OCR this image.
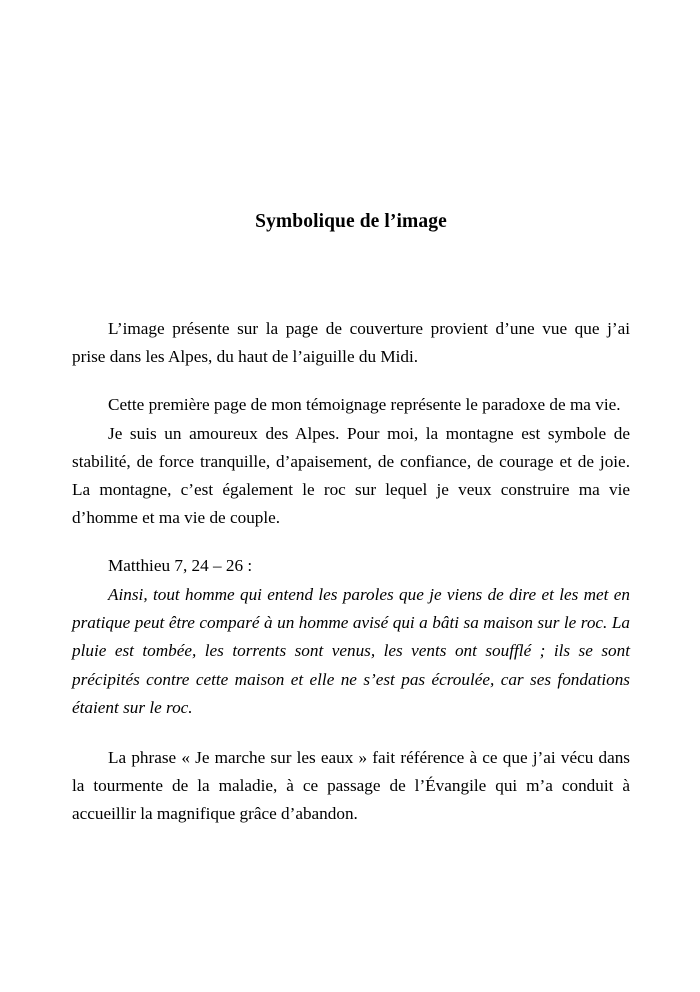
Symbolique de l’image

L’image présente sur la page de couverture provient d’une vue que j’ai prise dans les Alpes, du haut de l’aiguille du Midi.

Cette première page de mon témoignage représente le paradoxe de ma vie.

Je suis un amoureux des Alpes. Pour moi, la montagne est symbole de stabilité, de force tranquille, d’apaisement, de confiance, de courage et de joie. La montagne, c’est également le roc sur lequel je veux construire ma vie d’homme et ma vie de couple.

Matthieu 7, 24 – 26 :

Ainsi, tout homme qui entend les paroles que je viens de dire et les met en pratique peut être comparé à un homme avisé qui a bâti sa maison sur le roc. La pluie est tombée, les torrents sont venus, les vents ont soufflé ; ils se sont précipités contre cette maison et elle ne s’est pas écroulée, car ses fondations étaient sur le roc.

La phrase « Je marche sur les eaux » fait référence à ce que j’ai vécu dans la tourmente de la maladie, à ce passage de l’Évangile qui m’a conduit à accueillir la magnifique grâce d’abandon.
